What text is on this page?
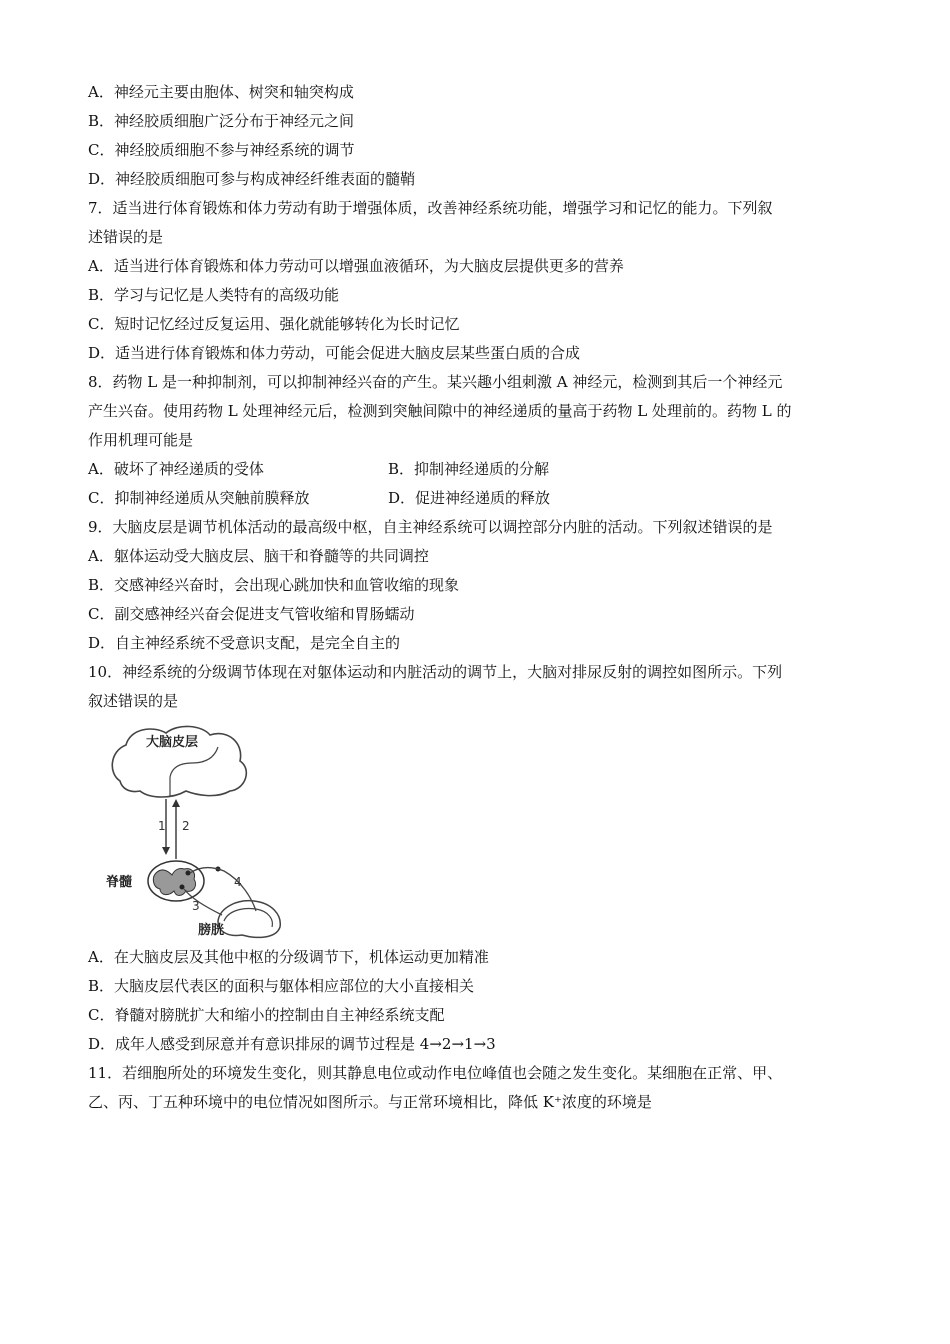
A．神经元主要由胞体、树突和轴突构成
B．神经胶质细胞广泛分布于神经元之间
C．神经胶质细胞不参与神经系统的调节
D．神经胶质细胞可参与构成神经纤维表面的髓鞘
7．适当进行体育锻炼和体力劳动有助于增强体质，改善神经系统功能，增强学习和记忆的能力。下列叙
述错误的是
A．适当进行体育锻炼和体力劳动可以增强血液循环，为大脑皮层提供更多的营养
B．学习与记忆是人类特有的高级功能
C．短时记忆经过反复运用、强化就能够转化为长时记忆
D．适当进行体育锻炼和体力劳动，可能会促进大脑皮层某些蛋白质的合成
8．药物 L 是一种抑制剂，可以抑制神经兴奋的产生。某兴趣小组刺激 A 神经元，检测到其后一个神经元
产生兴奋。使用药物 L 处理神经元后，检测到突触间隙中的神经递质的量高于药物 L 处理前的。药物 L 的
作用机理可能是
A．破坏了神经递质的受体	B．抑制神经递质的分解
C．抑制神经递质从突触前膜释放	D．促进神经递质的释放
9．大脑皮层是调节机体活动的最高级中枢，自主神经系统可以调控部分内脏的活动。下列叙述错误的是
A．躯体运动受大脑皮层、脑干和脊髓等的共同调控
B．交感神经兴奋时，会出现心跳加快和血管收缩的现象
C．副交感神经兴奋会促进支气管收缩和胃肠蠕动
D．自主神经系统不受意识支配，是完全自主的
10．神经系统的分级调节体现在对躯体运动和内脏活动的调节上，大脑对排尿反射的调控如图所示。下列
叙述错误的是
大脑皮层
脊髓
膀胱
1 2
3
4
A．在大脑皮层及其他中枢的分级调节下，机体运动更加精准
B．大脑皮层代表区的面积与躯体相应部位的大小直接相关
C．脊髓对膀胱扩大和缩小的控制由自主神经系统支配
D．成年人感受到尿意并有意识排尿的调节过程是 4→2→1→3
11．若细胞所处的环境发生变化，则其静息电位或动作电位峰值也会随之发生变化。某细胞在正常、甲、
乙、丙、丁五种环境中的电位情况如图所示。与正常环境相比，降低 K⁺浓度的环境是
